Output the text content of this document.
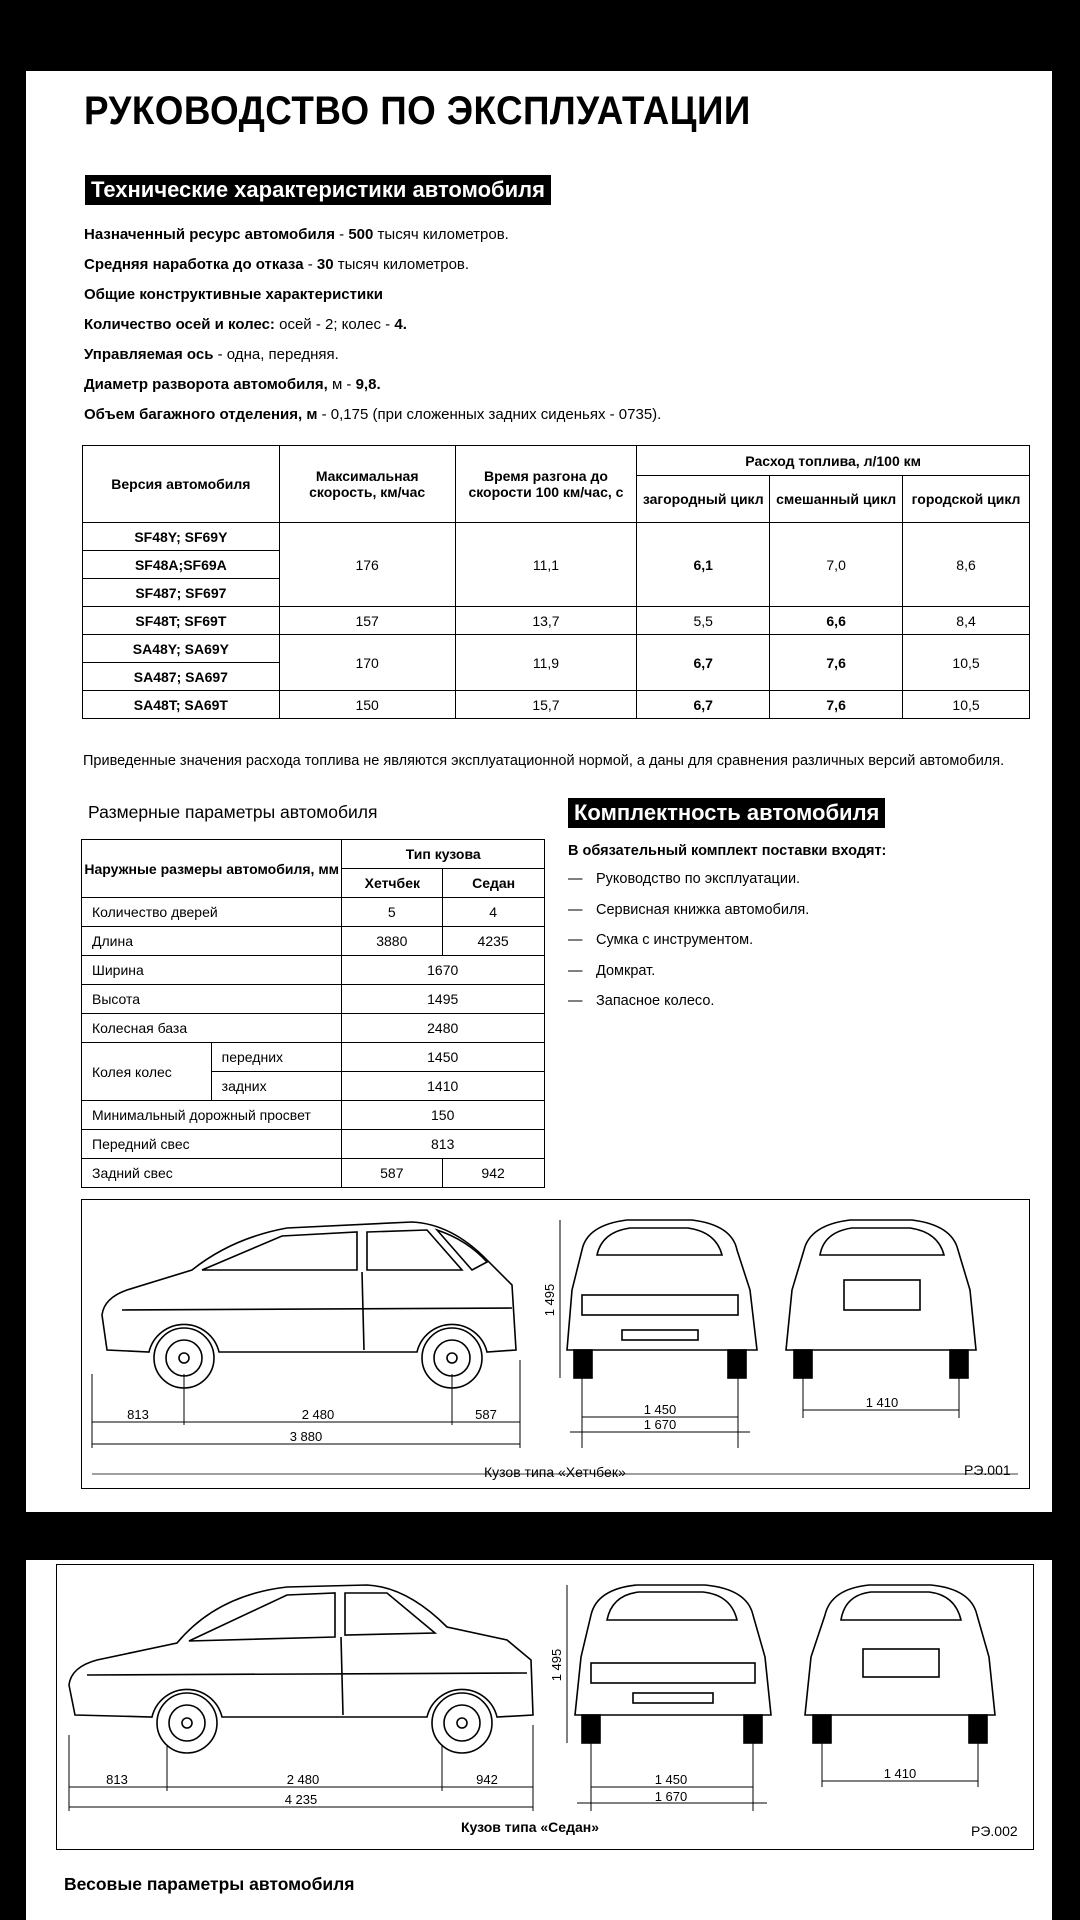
РУКОВОДСТВО ПО ЭКСПЛУАТАЦИИ
Технические характеристики автомобиля
Назначенный ресурс автомобиля - 500 тысяч километров.
Средняя наработка до отказа - 30 тысяч километров.
Общие конструктивные характеристики
Количество осей и колес: осей - 2; колес - 4.
Управляемая ось - одна, передняя.
Диаметр разворота автомобиля, м - 9,8.
Объем багажного отделения, м - 0,175 (при сложенных задних сиденьях - 0735).
Версия автомобиля	Максимальная скорость, км/час	Время разгона до скорости 100 км/час, с	Расход топлива, л/100 км		
			загородный цикл	смешанный цикл	городской цикл
SF48Y; SF69Y	176	11,1	6,1	7,0	8,6
SF48A;SF69A					
SF487; SF697					
SF48T; SF69T	157	13,7	5,5	6,6	8,4
SA48Y; SA69Y	170	11,9	6,7	7,6	10,5
SA487; SA697					
SA48T; SA69T	150	15,7	6,7	7,6	10,5
Приведенные значения расхода топлива не являются эксплуатационной нормой, а даны для сравнения различных версий автомобиля.
Размерные параметры автомобиля
Наружные размеры автомобиля, мм		Тип кузова	
		Хетчбек	Седан
Количество дверей		5	4
Длина		3880	4235
Ширина		1670	
Высота		1495	
Колесная база		2480	
Колея колес	передних	1450	
	задних	1410	
Минимальный дорожный просвет		150	
Передний свес		813	
Задний свес		587	942
Комплектность автомобиля
В обязательный комплект поставки входят:
— Руководство по эксплуатации.
— Сервисная книжка автомобиля.
— Сумка с инструментом.
— Домкрат.
— Запасное колесо.
813	2 480	587
3 880
1 495
1 450
1 670
1 410
Кузов типа «Хетчбек»	РЭ.001
813	2 480	942
4 235
1 495
1 450
1 670
1 410
Кузов типа «Седан»	РЭ.002
Весовые параметры автомобиля
